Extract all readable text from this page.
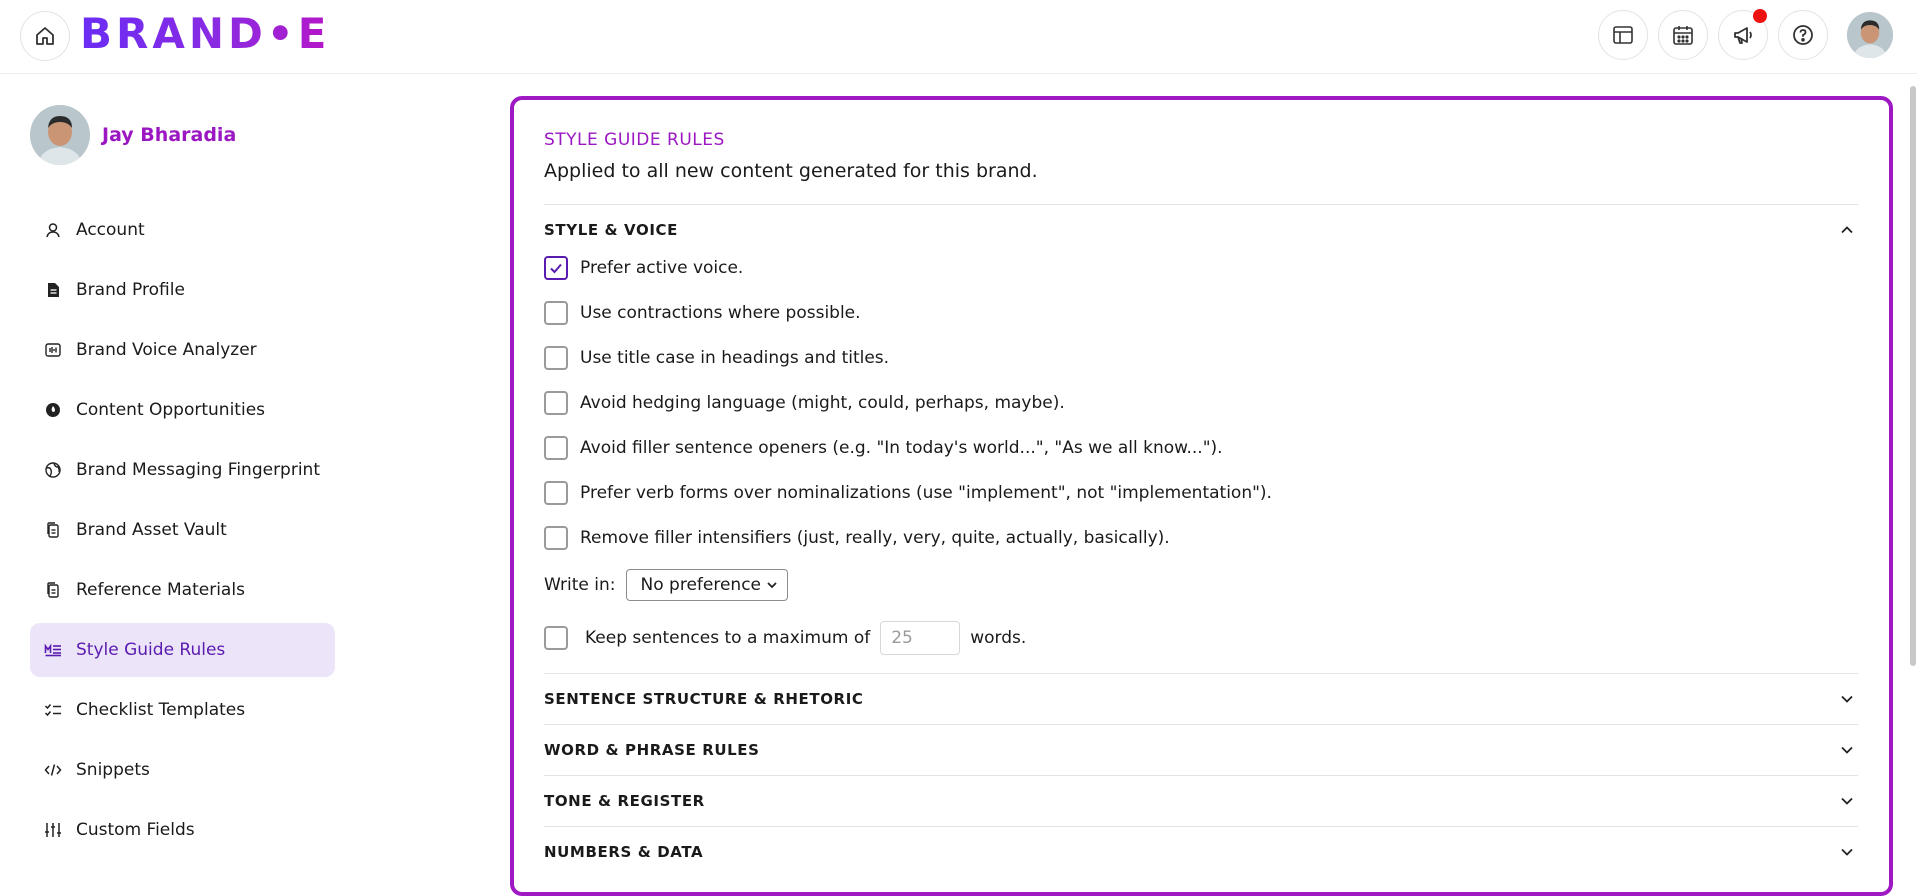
BRAND•E
Jay Bharadia
Account
Brand Profile
Brand Voice Analyzer
Content Opportunities
Brand Messaging Fingerprint
Brand Asset Vault
Reference Materials
Style Guide Rules
Checklist Templates
Snippets
Custom Fields
STYLE GUIDE RULES
Applied to all new content generated for this brand.
STYLE & VOICE
Prefer active voice.
Use contractions where possible.
Use title case in headings and titles.
Avoid hedging language (might, could, perhaps, maybe).
Avoid filler sentence openers (e.g. "In today's world...", "As we all know...").
Prefer verb forms over nominalizations (use "implement", not "implementation").
Remove filler intensifiers (just, really, very, quite, actually, basically).
Write in: No preference
Keep sentences to a maximum of	25	words.
SENTENCE STRUCTURE & RHETORIC
WORD & PHRASE RULES
TONE & REGISTER
NUMBERS & DATA
